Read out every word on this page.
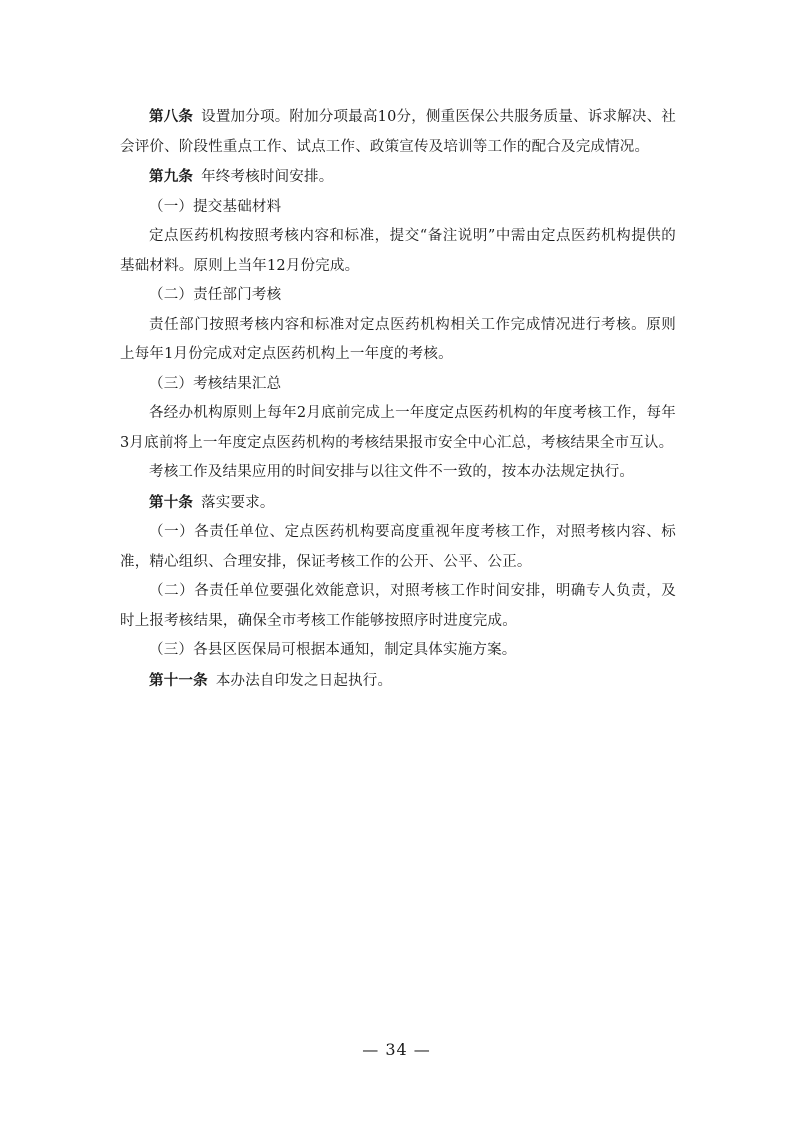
第八条 设置加分项。附加分项最高10分，侧重医保公共服务质量、诉求解决、社会评价、阶段性重点工作、试点工作、政策宣传及培训等工作的配合及完成情况。

第九条 年终考核时间安排。

（一）提交基础材料

定点医药机构按照考核内容和标准，提交“备注说明”中需由定点医药机构提供的基础材料。原则上当年12月份完成。

（二）责任部门考核

责任部门按照考核内容和标准对定点医药机构相关工作完成情况进行考核。原则上每年1月份完成对定点医药机构上一年度的考核。

（三）考核结果汇总

各经办机构原则上每年2月底前完成上一年度定点医药机构的年度考核工作，每年3月底前将上一年度定点医药机构的考核结果报市安全中心汇总，考核结果全市互认。

考核工作及结果应用的时间安排与以往文件不一致的，按本办法规定执行。

第十条 落实要求。

（一）各责任单位、定点医药机构要高度重视年度考核工作，对照考核内容、标准，精心组织、合理安排，保证考核工作的公开、公平、公正。

（二）各责任单位要强化效能意识，对照考核工作时间安排，明确专人负责，及时上报考核结果，确保全市考核工作能够按照序时进度完成。

（三）各县区医保局可根据本通知，制定具体实施方案。

第十一条 本办法自印发之日起执行。

— 34 —
